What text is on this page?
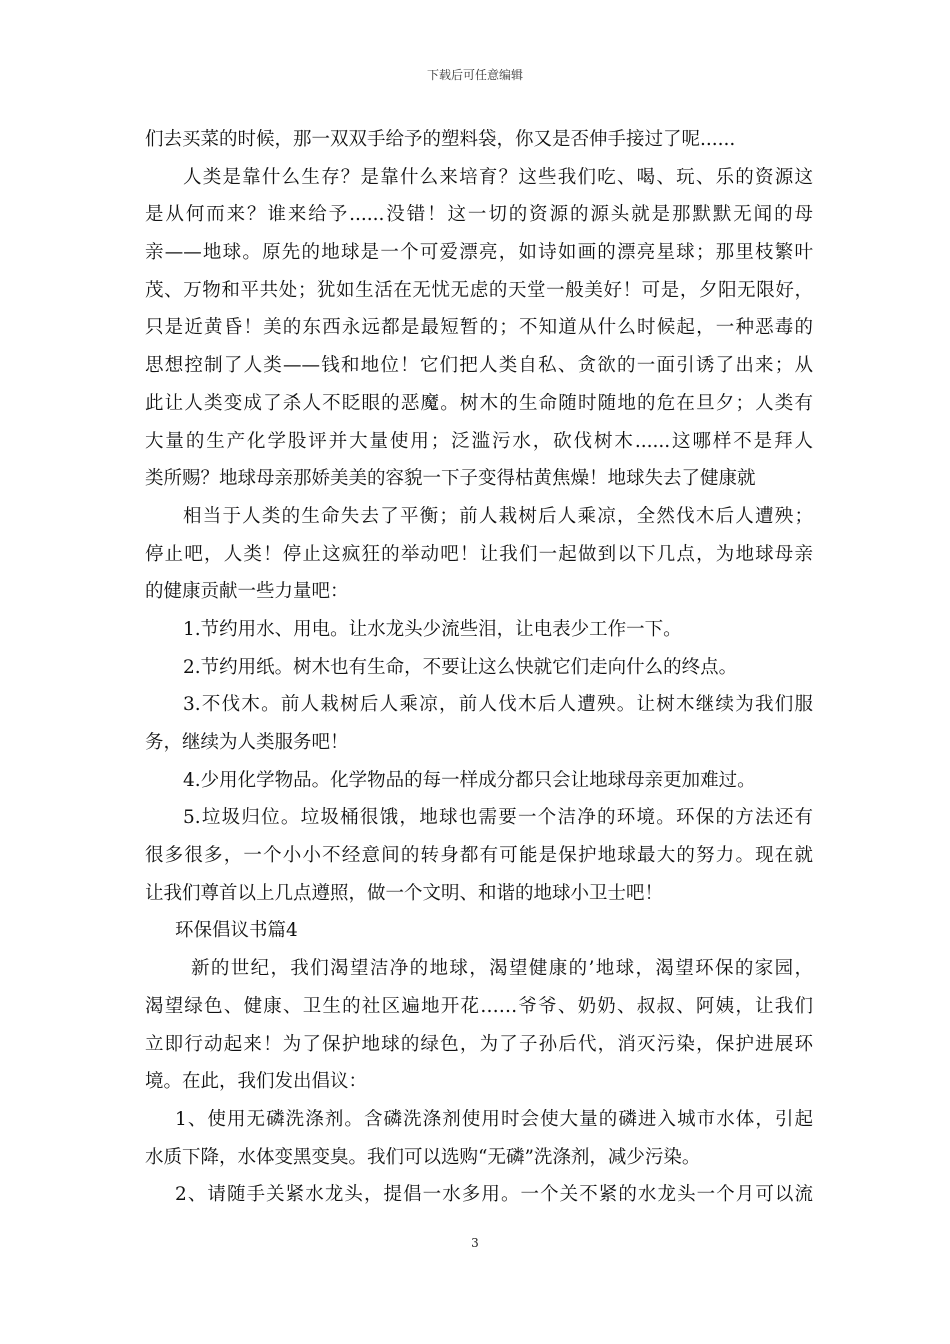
下载后可任意编辑
们去买菜的时候，那一双双手给予的塑料袋，你又是否伸手接过了呢......
人类是靠什么生存？是靠什么来培育？这些我们吃、喝、玩、乐的资源这
是从何而来？谁来给予......没错！这一切的资源的源头就是那默默无闻的母
亲——地球。原先的地球是一个可爱漂亮，如诗如画的漂亮星球；那里枝繁叶
茂、万物和平共处；犹如生活在无忧无虑的天堂一般美好！可是，夕阳无限好，
只是近黄昏！美的东西永远都是最短暂的；不知道从什么时候起，一种恶毒的
思想控制了人类——钱和地位！它们把人类自私、贪欲的一面引诱了出来；从
此让人类变成了杀人不眨眼的恶魔。树木的生命随时随地的危在旦夕；人类有
大量的生产化学股评并大量使用；泛滥污水，砍伐树木......这哪样不是拜人
类所赐？地球母亲那娇美美的容貌一下子变得枯黄焦燥！地球失去了健康就
相当于人类的生命失去了平衡；前人栽树后人乘凉，全然伐木后人遭殃；
停止吧，人类！停止这疯狂的举动吧！让我们一起做到以下几点，为地球母亲
的健康贡献一些力量吧：
1.节约用水、用电。让水龙头少流些泪，让电表少工作一下。
2.节约用纸。树木也有生命，不要让这么快就它们走向什么的终点。
3.不伐木。前人栽树后人乘凉，前人伐木后人遭殃。让树木继续为我们服
务，继续为人类服务吧！
4.少用化学物品。化学物品的每一样成分都只会让地球母亲更加难过。
5.垃圾归位。垃圾桶很饿，地球也需要一个洁净的环境。环保的方法还有
很多很多，一个小小不经意间的转身都有可能是保护地球最大的努力。现在就
让我们尊首以上几点遵照，做一个文明、和谐的地球小卫士吧！
环保倡议书篇4
新的世纪，我们渴望洁净的地球，渴望健康的’地球，渴望环保的家园，
渴望绿色、健康、卫生的社区遍地开花……爷爷、奶奶、叔叔、阿姨，让我们
立即行动起来！为了保护地球的绿色，为了子孙后代，消灭污染，保护进展环
境。在此，我们发出倡议：
1、使用无磷洗涤剂。含磷洗涤剂使用时会使大量的磷进入城市水体，引起
水质下降，水体变黑变臭。我们可以选购“无磷”洗涤剂，减少污染。
2、请随手关紧水龙头，提倡一水多用。一个关不紧的水龙头一个月可以流
3
